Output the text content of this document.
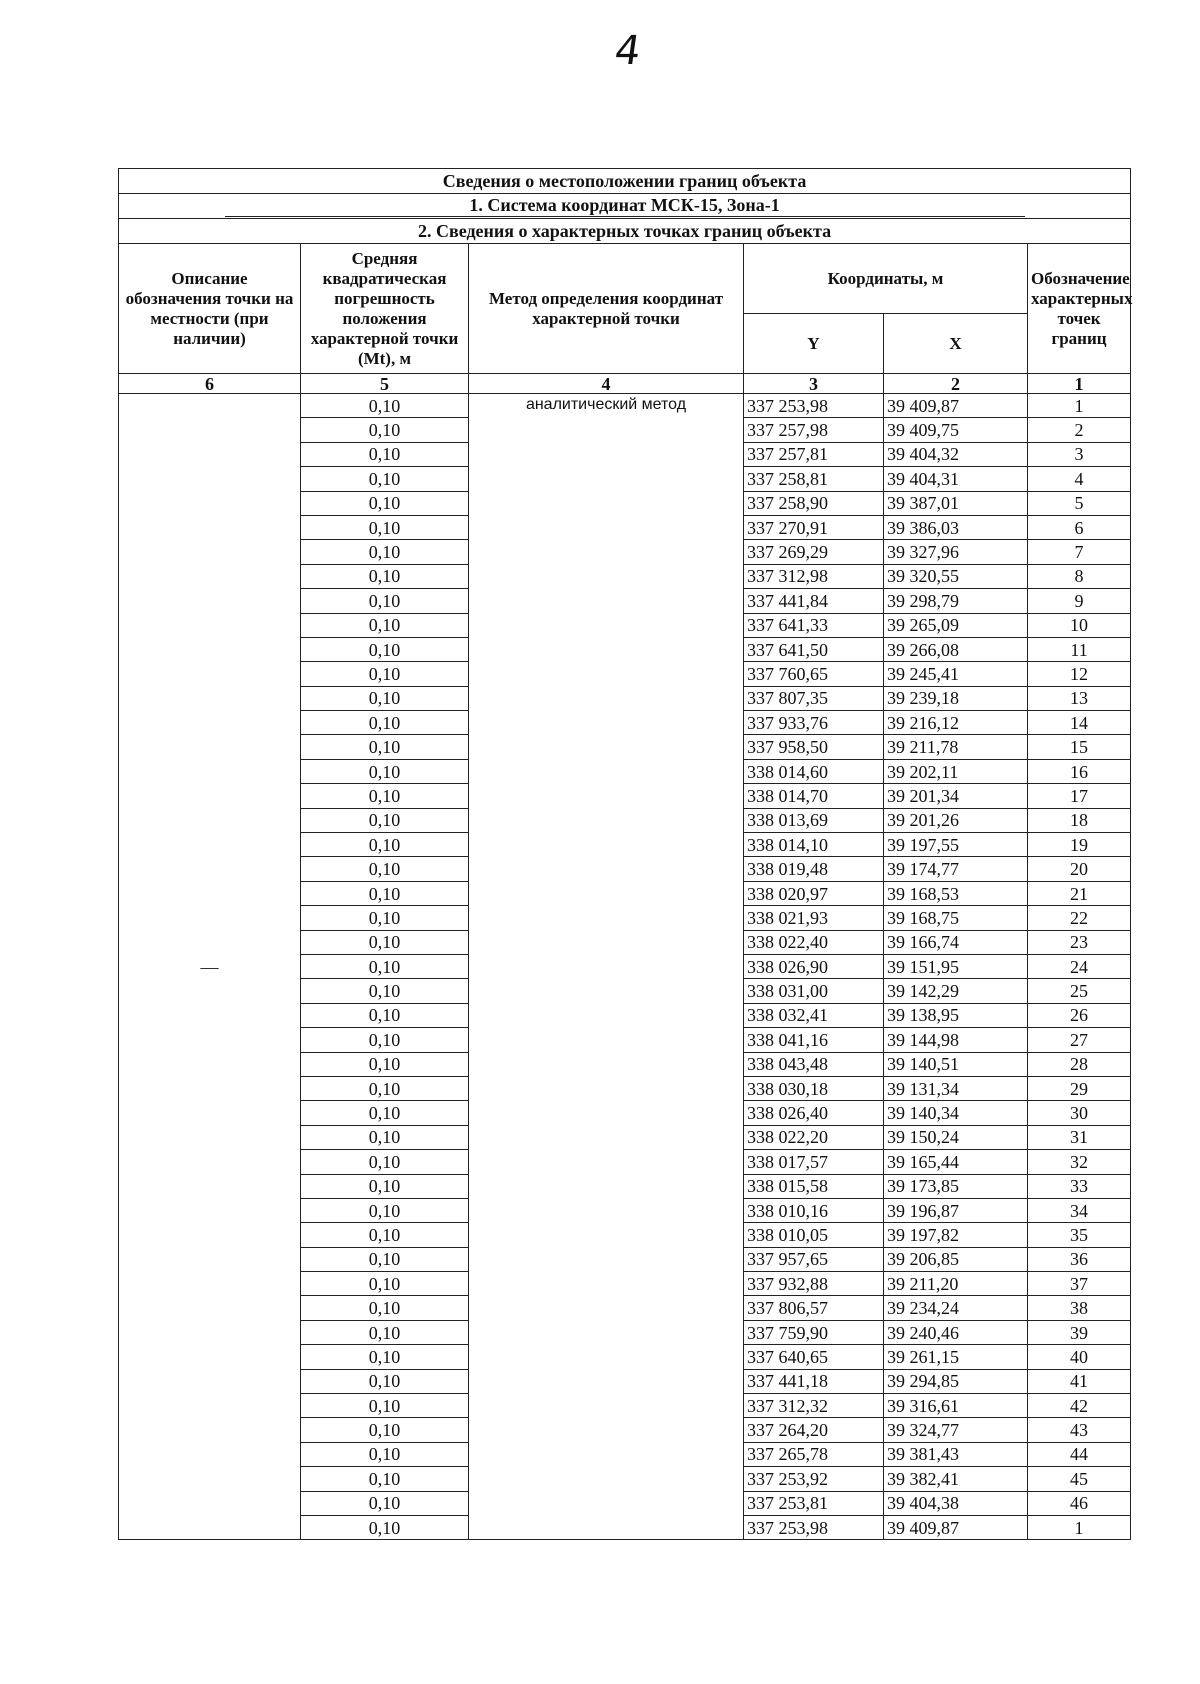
4
Сведения о местоположении границ объекта					
1. Система координат МСК-15, Зона-1					

2. Сведения о характерных точках границ объекта					
Описание обозначения точки на местности (при наличии)	Средняя квадратическая погрешность положения характерной точки (Mt), м	Метод определения координат характерной точки	Координаты, м		Обозначение характерных точек границ
			Y	X	
6	5	4	3	2	1
—	0,10	аналитический метод	337 253,98	39 409,87	1
	0,10		337 257,98	39 409,75	2
	0,10		337 257,81	39 404,32	3
	0,10		337 258,81	39 404,31	4
	0,10		337 258,90	39 387,01	5
	0,10		337 270,91	39 386,03	6
	0,10		337 269,29	39 327,96	7
	0,10		337 312,98	39 320,55	8
	0,10		337 441,84	39 298,79	9
	0,10		337 641,33	39 265,09	10
	0,10		337 641,50	39 266,08	11
	0,10		337 760,65	39 245,41	12
	0,10		337 807,35	39 239,18	13
	0,10		337 933,76	39 216,12	14
	0,10		337 958,50	39 211,78	15
	0,10		338 014,60	39 202,11	16
	0,10		338 014,70	39 201,34	17
	0,10		338 013,69	39 201,26	18
	0,10		338 014,10	39 197,55	19
	0,10		338 019,48	39 174,77	20
	0,10		338 020,97	39 168,53	21
	0,10		338 021,93	39 168,75	22
	0,10		338 022,40	39 166,74	23
	0,10		338 026,90	39 151,95	24
	0,10		338 031,00	39 142,29	25
	0,10		338 032,41	39 138,95	26
	0,10		338 041,16	39 144,98	27
	0,10		338 043,48	39 140,51	28
	0,10		338 030,18	39 131,34	29
	0,10		338 026,40	39 140,34	30
	0,10		338 022,20	39 150,24	31
	0,10		338 017,57	39 165,44	32
	0,10		338 015,58	39 173,85	33
	0,10		338 010,16	39 196,87	34
	0,10		338 010,05	39 197,82	35
	0,10		337 957,65	39 206,85	36
	0,10		337 932,88	39 211,20	37
	0,10		337 806,57	39 234,24	38
	0,10		337 759,90	39 240,46	39
	0,10		337 640,65	39 261,15	40
	0,10		337 441,18	39 294,85	41
	0,10		337 312,32	39 316,61	42
	0,10		337 264,20	39 324,77	43
	0,10		337 265,78	39 381,43	44
	0,10		337 253,92	39 382,41	45
	0,10		337 253,81	39 404,38	46
	0,10		337 253,98	39 409,87	1
